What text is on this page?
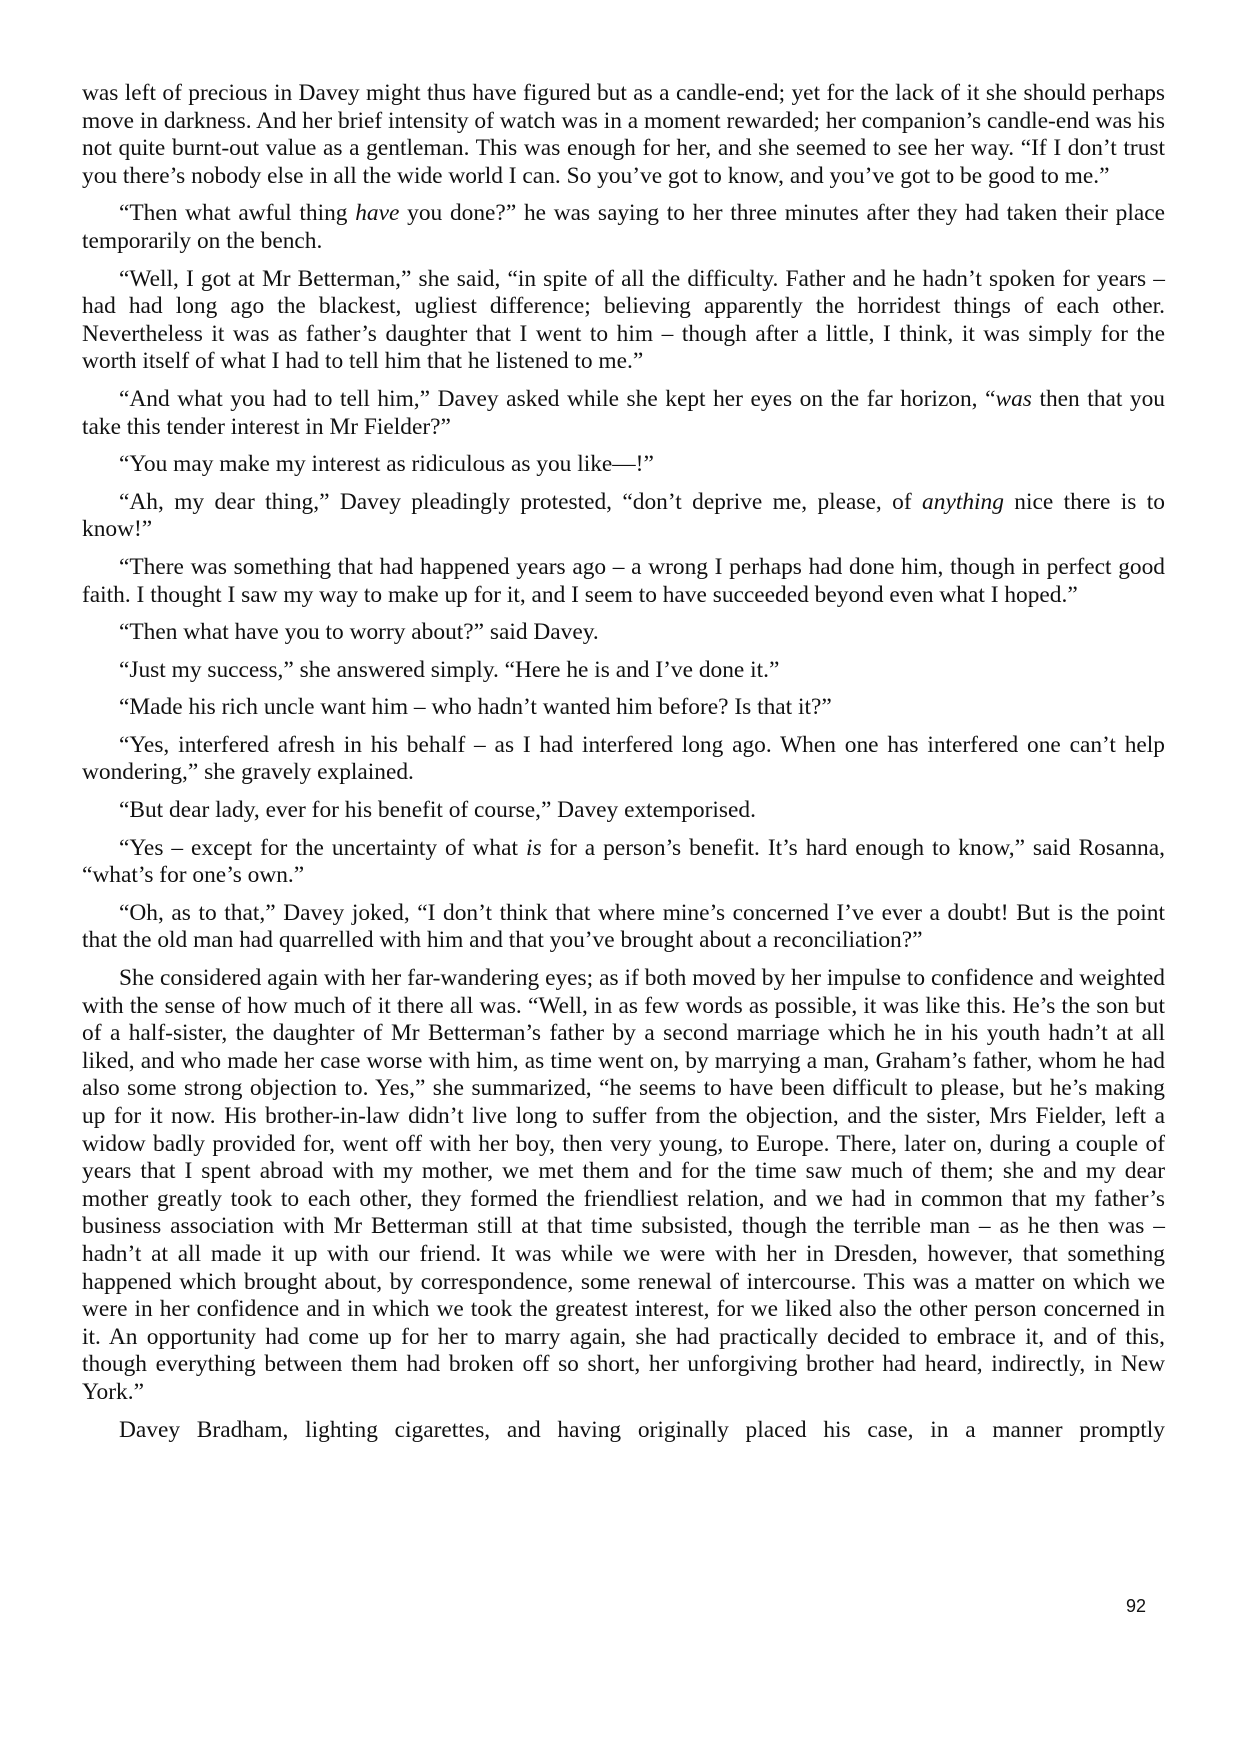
was left of precious in Davey might thus have figured but as a candle-end; yet for the lack of it she should perhaps move in darkness. And her brief intensity of watch was in a moment rewarded; her companion’s candle-end was his not quite burnt-out value as a gentleman. This was enough for her, and she seemed to see her way. “If I don’t trust you there’s nobody else in all the wide world I can. So you’ve got to know, and you’ve got to be good to me.”

“Then what awful thing have you done?” he was saying to her three minutes after they had taken their place temporarily on the bench.

“Well, I got at Mr Betterman,” she said, “in spite of all the difficulty. Father and he hadn’t spoken for years – had had long ago the blackest, ugliest difference; believing apparently the horridest things of each other. Nevertheless it was as father’s daughter that I went to him – though after a little, I think, it was simply for the worth itself of what I had to tell him that he listened to me.”

“And what you had to tell him,” Davey asked while she kept her eyes on the far horizon, “was then that you take this tender interest in Mr Fielder?”

“You may make my interest as ridiculous as you like—!”

“Ah, my dear thing,” Davey pleadingly protested, “don’t deprive me, please, of anything nice there is to know!”

“There was something that had happened years ago – a wrong I perhaps had done him, though in perfect good faith. I thought I saw my way to make up for it, and I seem to have succeeded beyond even what I hoped.”

“Then what have you to worry about?” said Davey.

“Just my success,” she answered simply. “Here he is and I’ve done it.”

“Made his rich uncle want him – who hadn’t wanted him before? Is that it?”

“Yes, interfered afresh in his behalf – as I had interfered long ago. When one has interfered one can’t help wondering,” she gravely explained.

“But dear lady, ever for his benefit of course,” Davey extemporised.

“Yes – except for the uncertainty of what is for a person’s benefit. It’s hard enough to know,” said Rosanna, “what’s for one’s own.”

“Oh, as to that,” Davey joked, “I don’t think that where mine’s concerned I’ve ever a doubt! But is the point that the old man had quarrelled with him and that you’ve brought about a reconciliation?”

She considered again with her far-wandering eyes; as if both moved by her impulse to confidence and weighted with the sense of how much of it there all was. “Well, in as few words as possible, it was like this. He’s the son but of a half-sister, the daughter of Mr Betterman’s father by a second marriage which he in his youth hadn’t at all liked, and who made her case worse with him, as time went on, by marrying a man, Graham’s father, whom he had also some strong objection to. Yes,” she summarized, “he seems to have been difficult to please, but he’s making up for it now. His brother-in-law didn’t live long to suffer from the objection, and the sister, Mrs Fielder, left a widow badly provided for, went off with her boy, then very young, to Europe. There, later on, during a couple of years that I spent abroad with my mother, we met them and for the time saw much of them; she and my dear mother greatly took to each other, they formed the friendliest relation, and we had in common that my father’s business association with Mr Betterman still at that time subsisted, though the terrible man – as he then was – hadn’t at all made it up with our friend. It was while we were with her in Dresden, however, that something happened which brought about, by correspondence, some renewal of intercourse. This was a matter on which we were in her confidence and in which we took the greatest interest, for we liked also the other person concerned in it. An opportunity had come up for her to marry again, she had practically decided to embrace it, and of this, though everything between them had broken off so short, her unforgiving brother had heard, indirectly, in New York.”

Davey Bradham, lighting cigarettes, and having originally placed his case, in a manner promptly

92
